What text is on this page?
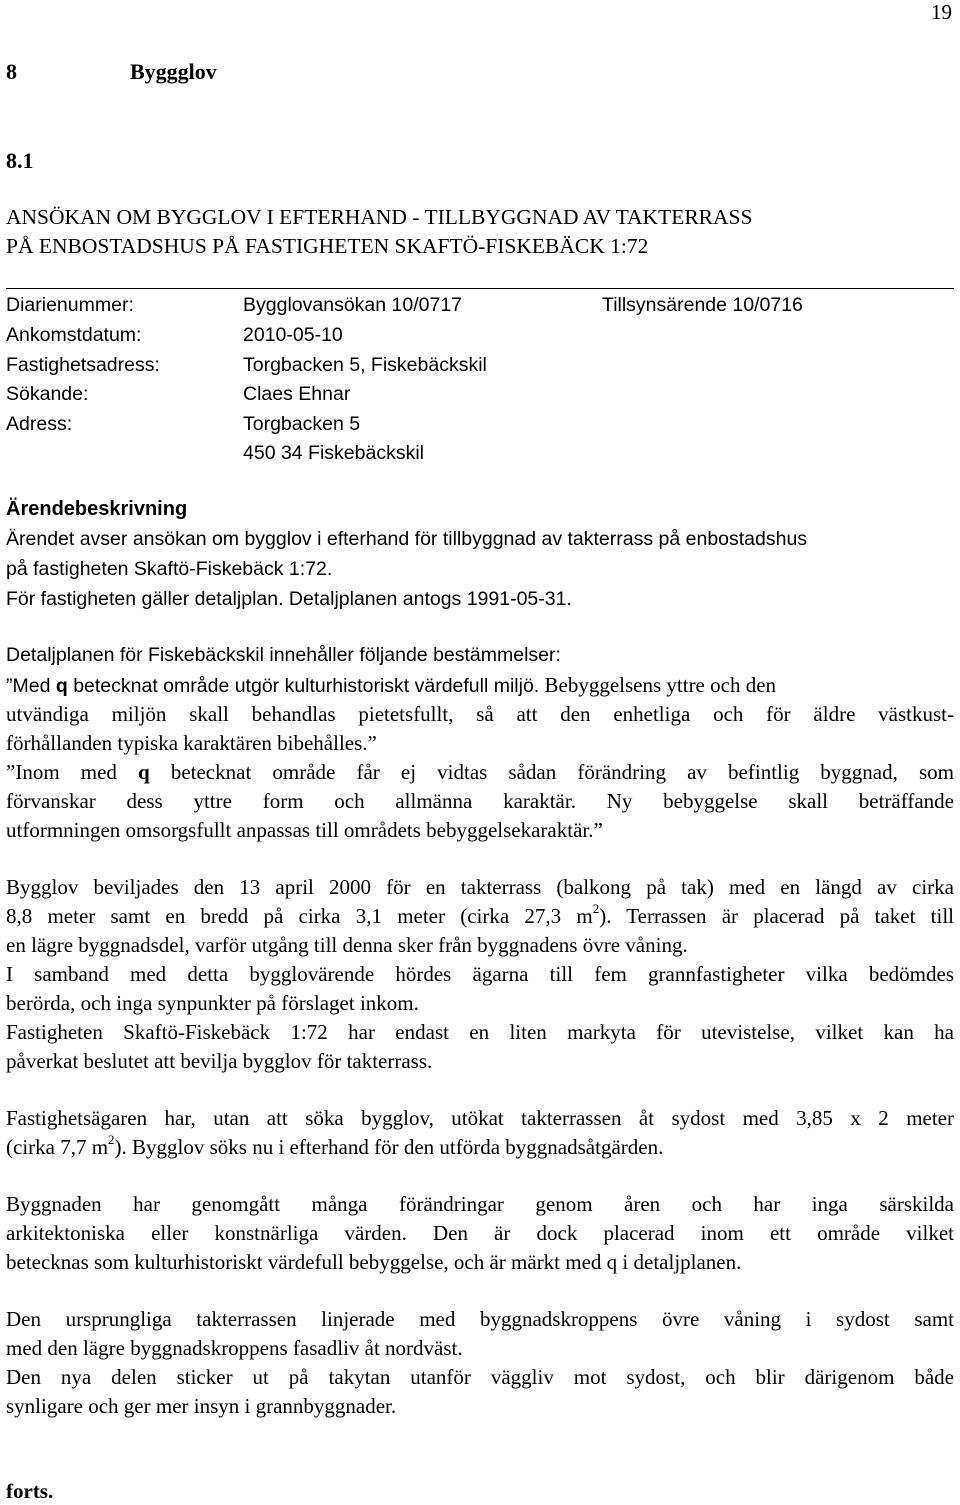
19
8	Byggglov
8.1
ANSÖKAN OM BYGGLOV I EFTERHAND - TILLBYGGNAD AV TAKTERRASS
PÅ ENBOSTADSHUS PÅ FASTIGHETEN SKAFTÖ-FISKEBÄCK 1:72
Diarienummer:	Bygglovansökan 10/0717	Tillsynsärende 10/0716
Ankomstdatum:	2010-05-10
Fastighetsadress:	Torgbacken 5, Fiskebäckskil
Sökande:	Claes Ehnar
Adress:	Torgbacken 5
450 34 Fiskebäckskil
Ärendebeskrivning
Ärendet avser ansökan om bygglov i efterhand för tillbyggnad av takterrass på enbostadshus
på fastigheten Skaftö-Fiskebäck 1:72.
För fastigheten gäller detaljplan. Detaljplanen antogs 1991-05-31.
Detaljplanen för Fiskebäckskil innehåller följande bestämmelser:
”Med q betecknat område utgör kulturhistoriskt värdefull miljö. Bebyggelsens yttre och den
utvändiga miljön skall behandlas pietetsfullt, så att den enhetliga och för äldre västkust-
förhållanden typiska karaktären bibehålles.”
”Inom med q betecknat område får ej vidtas sådan förändring av befintlig byggnad, som
förvanskar dess yttre form och allmänna karaktär. Ny bebyggelse skall beträffande
utformningen omsorgsfullt anpassas till områdets bebyggelsekaraktär.”
Bygglov beviljades den 13 april 2000 för en takterrass (balkong på tak) med en längd av cirka
8,8 meter samt en bredd på cirka 3,1 meter (cirka 27,3 $m^2$). Terrassen är placerad på taket till
en lägre byggnadsdel, varför utgång till denna sker från byggnadens övre våning.
I samband med detta bygglovärende hördes ägarna till fem grannfastigheter vilka bedömdes
berörda, och inga synpunkter på förslaget inkom.
Fastigheten Skaftö-Fiskebäck 1:72 har endast en liten markyta för utevistelse, vilket kan ha
påverkat beslutet att bevilja bygglov för takterrass.
Fastighetsägaren har, utan att söka bygglov, utökat takterrassen åt sydost med 3,85 x 2 meter
(cirka 7,7 $m^2$). Bygglov söks nu i efterhand för den utförda byggnadsåtgärden.
Byggnaden har genomgått många förändringar genom åren och har inga särskilda
arkitektoniska eller konstnärliga värden. Den är dock placerad inom ett område vilket
betecknas som kulturhistoriskt värdefull bebyggelse, och är märkt med q i detaljplanen.
Den ursprungliga takterrassen linjerade med byggnadskroppens övre våning i sydost samt
med den lägre byggnadskroppens fasadliv åt nordväst.
Den nya delen sticker ut på takytan utanför väggliv mot sydost, och blir därigenom både
synligare och ger mer insyn i grannbyggnader.
forts.
